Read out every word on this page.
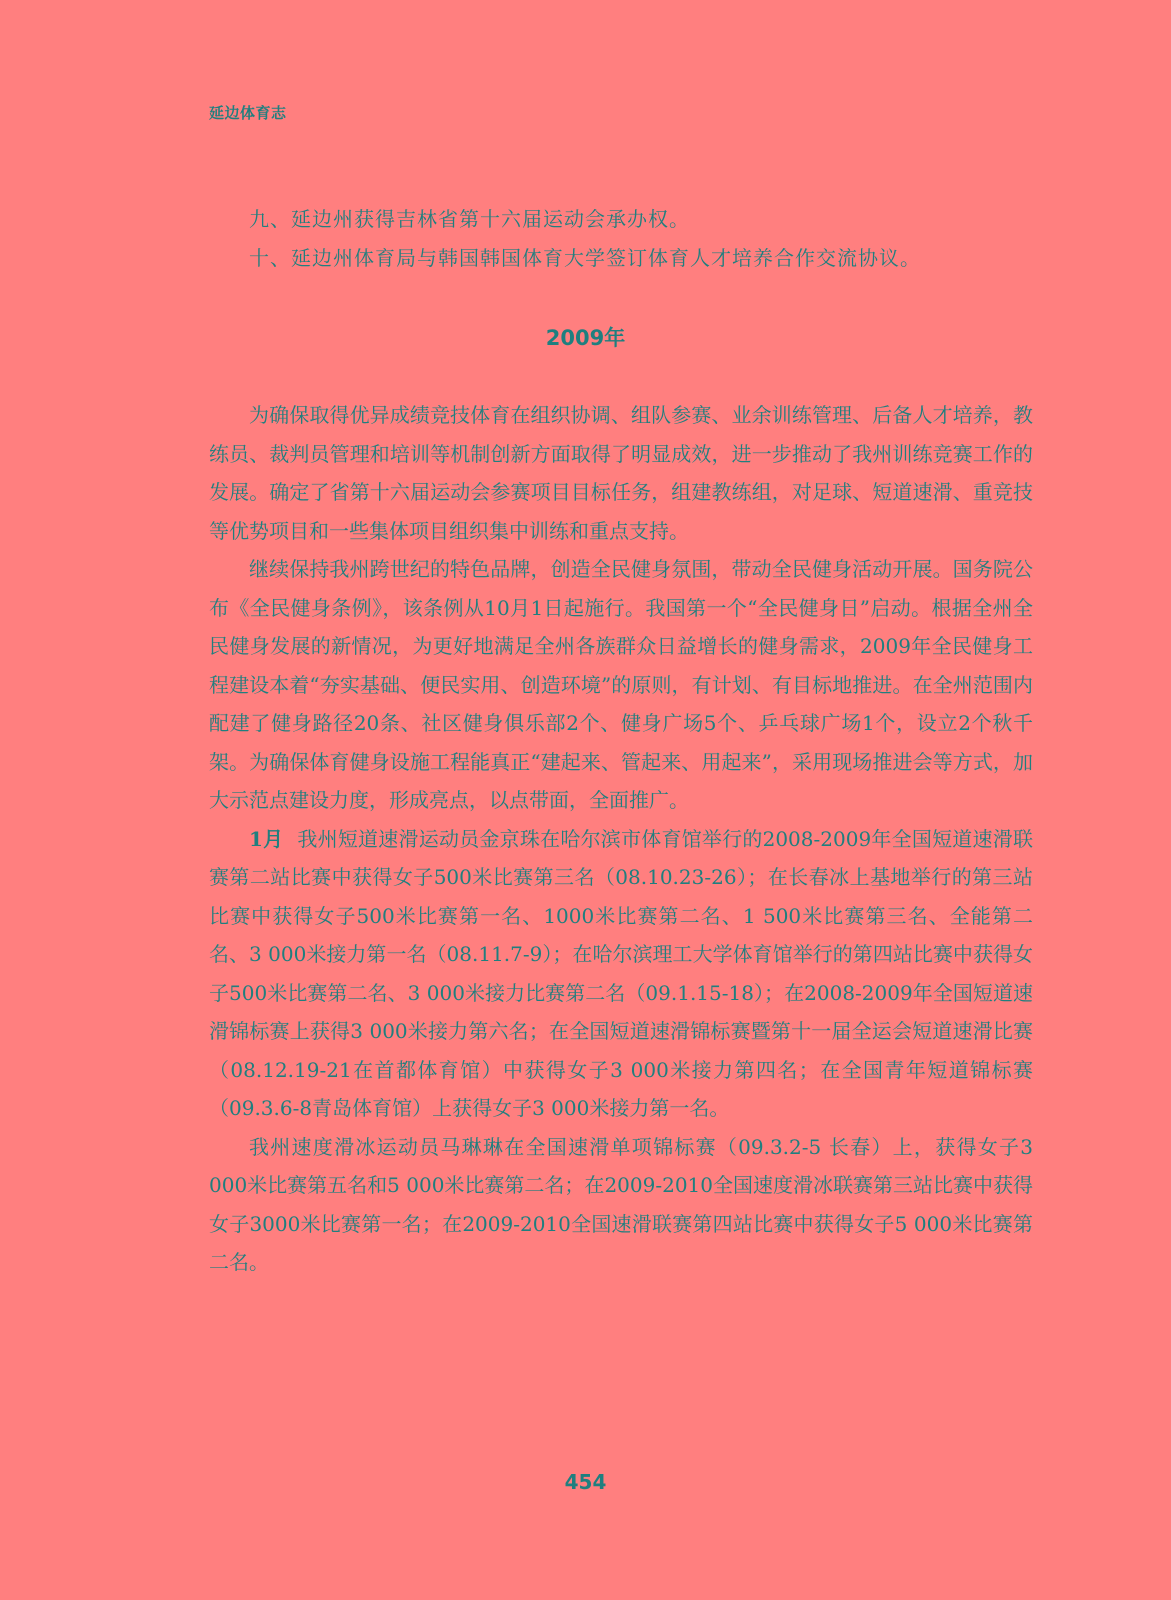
延边体育志

九、延边州获得吉林省第十六届运动会承办权。

十、延边州体育局与韩国韩国体育大学签订体育人才培养合作交流协议。

2009年

为确保取得优异成绩竞技体育在组织协调、组队参赛、业余训练管理、后备人才培养，教练员、裁判员管理和培训等机制创新方面取得了明显成效，进一步推动了我州训练竞赛工作的发展。确定了省第十六届运动会参赛项目目标任务，组建教练组，对足球、短道速滑、重竞技等优势项目和一些集体项目组织集中训练和重点支持。

继续保持我州跨世纪的特色品牌，创造全民健身氛围，带动全民健身活动开展。国务院公布《全民健身条例》，该条例从10月1日起施行。我国第一个“全民健身日”启动。根据全州全民健身发展的新情况，为更好地满足全州各族群众日益增长的健身需求，2009年全民健身工程建设本着“夯实基础、便民实用、创造环境”的原则，有计划、有目标地推进。在全州范围内配建了健身路径20条、社区健身俱乐部2个、健身广场5个、乒乓球广场1个，设立2个秋千架。为确保体育健身设施工程能真正“建起来、管起来、用起来”，采用现场推进会等方式，加大示范点建设力度，形成亮点，以点带面，全面推广。

1月 我州短道速滑运动员金京珠在哈尔滨市体育馆举行的2008-2009年全国短道速滑联赛第二站比赛中获得女子500米比赛第三名（08.10.23-26）；在长春冰上基地举行的第三站比赛中获得女子500米比赛第一名、1000米比赛第二名、1 500米比赛第三名、全能第二名、3 000米接力第一名（08.11.7-9）；在哈尔滨理工大学体育馆举行的第四站比赛中获得女子500米比赛第二名、3 000米接力比赛第二名（09.1.15-18）；在2008-2009年全国短道速滑锦标赛上获得3 000米接力第六名；在全国短道速滑锦标赛暨第十一届全运会短道速滑比赛（08.12.19-21在首都体育馆）中获得女子3 000米接力第四名；在全国青年短道锦标赛（09.3.6-8青岛体育馆）上获得女子3 000米接力第一名。

我州速度滑冰运动员马琳琳在全国速滑单项锦标赛（09.3.2-5 长春）上，获得女子3 000米比赛第五名和5 000米比赛第二名；在2009-2010全国速度滑冰联赛第三站比赛中获得女子3000米比赛第一名；在2009-2010全国速滑联赛第四站比赛中获得女子5 000米比赛第二名。

454
